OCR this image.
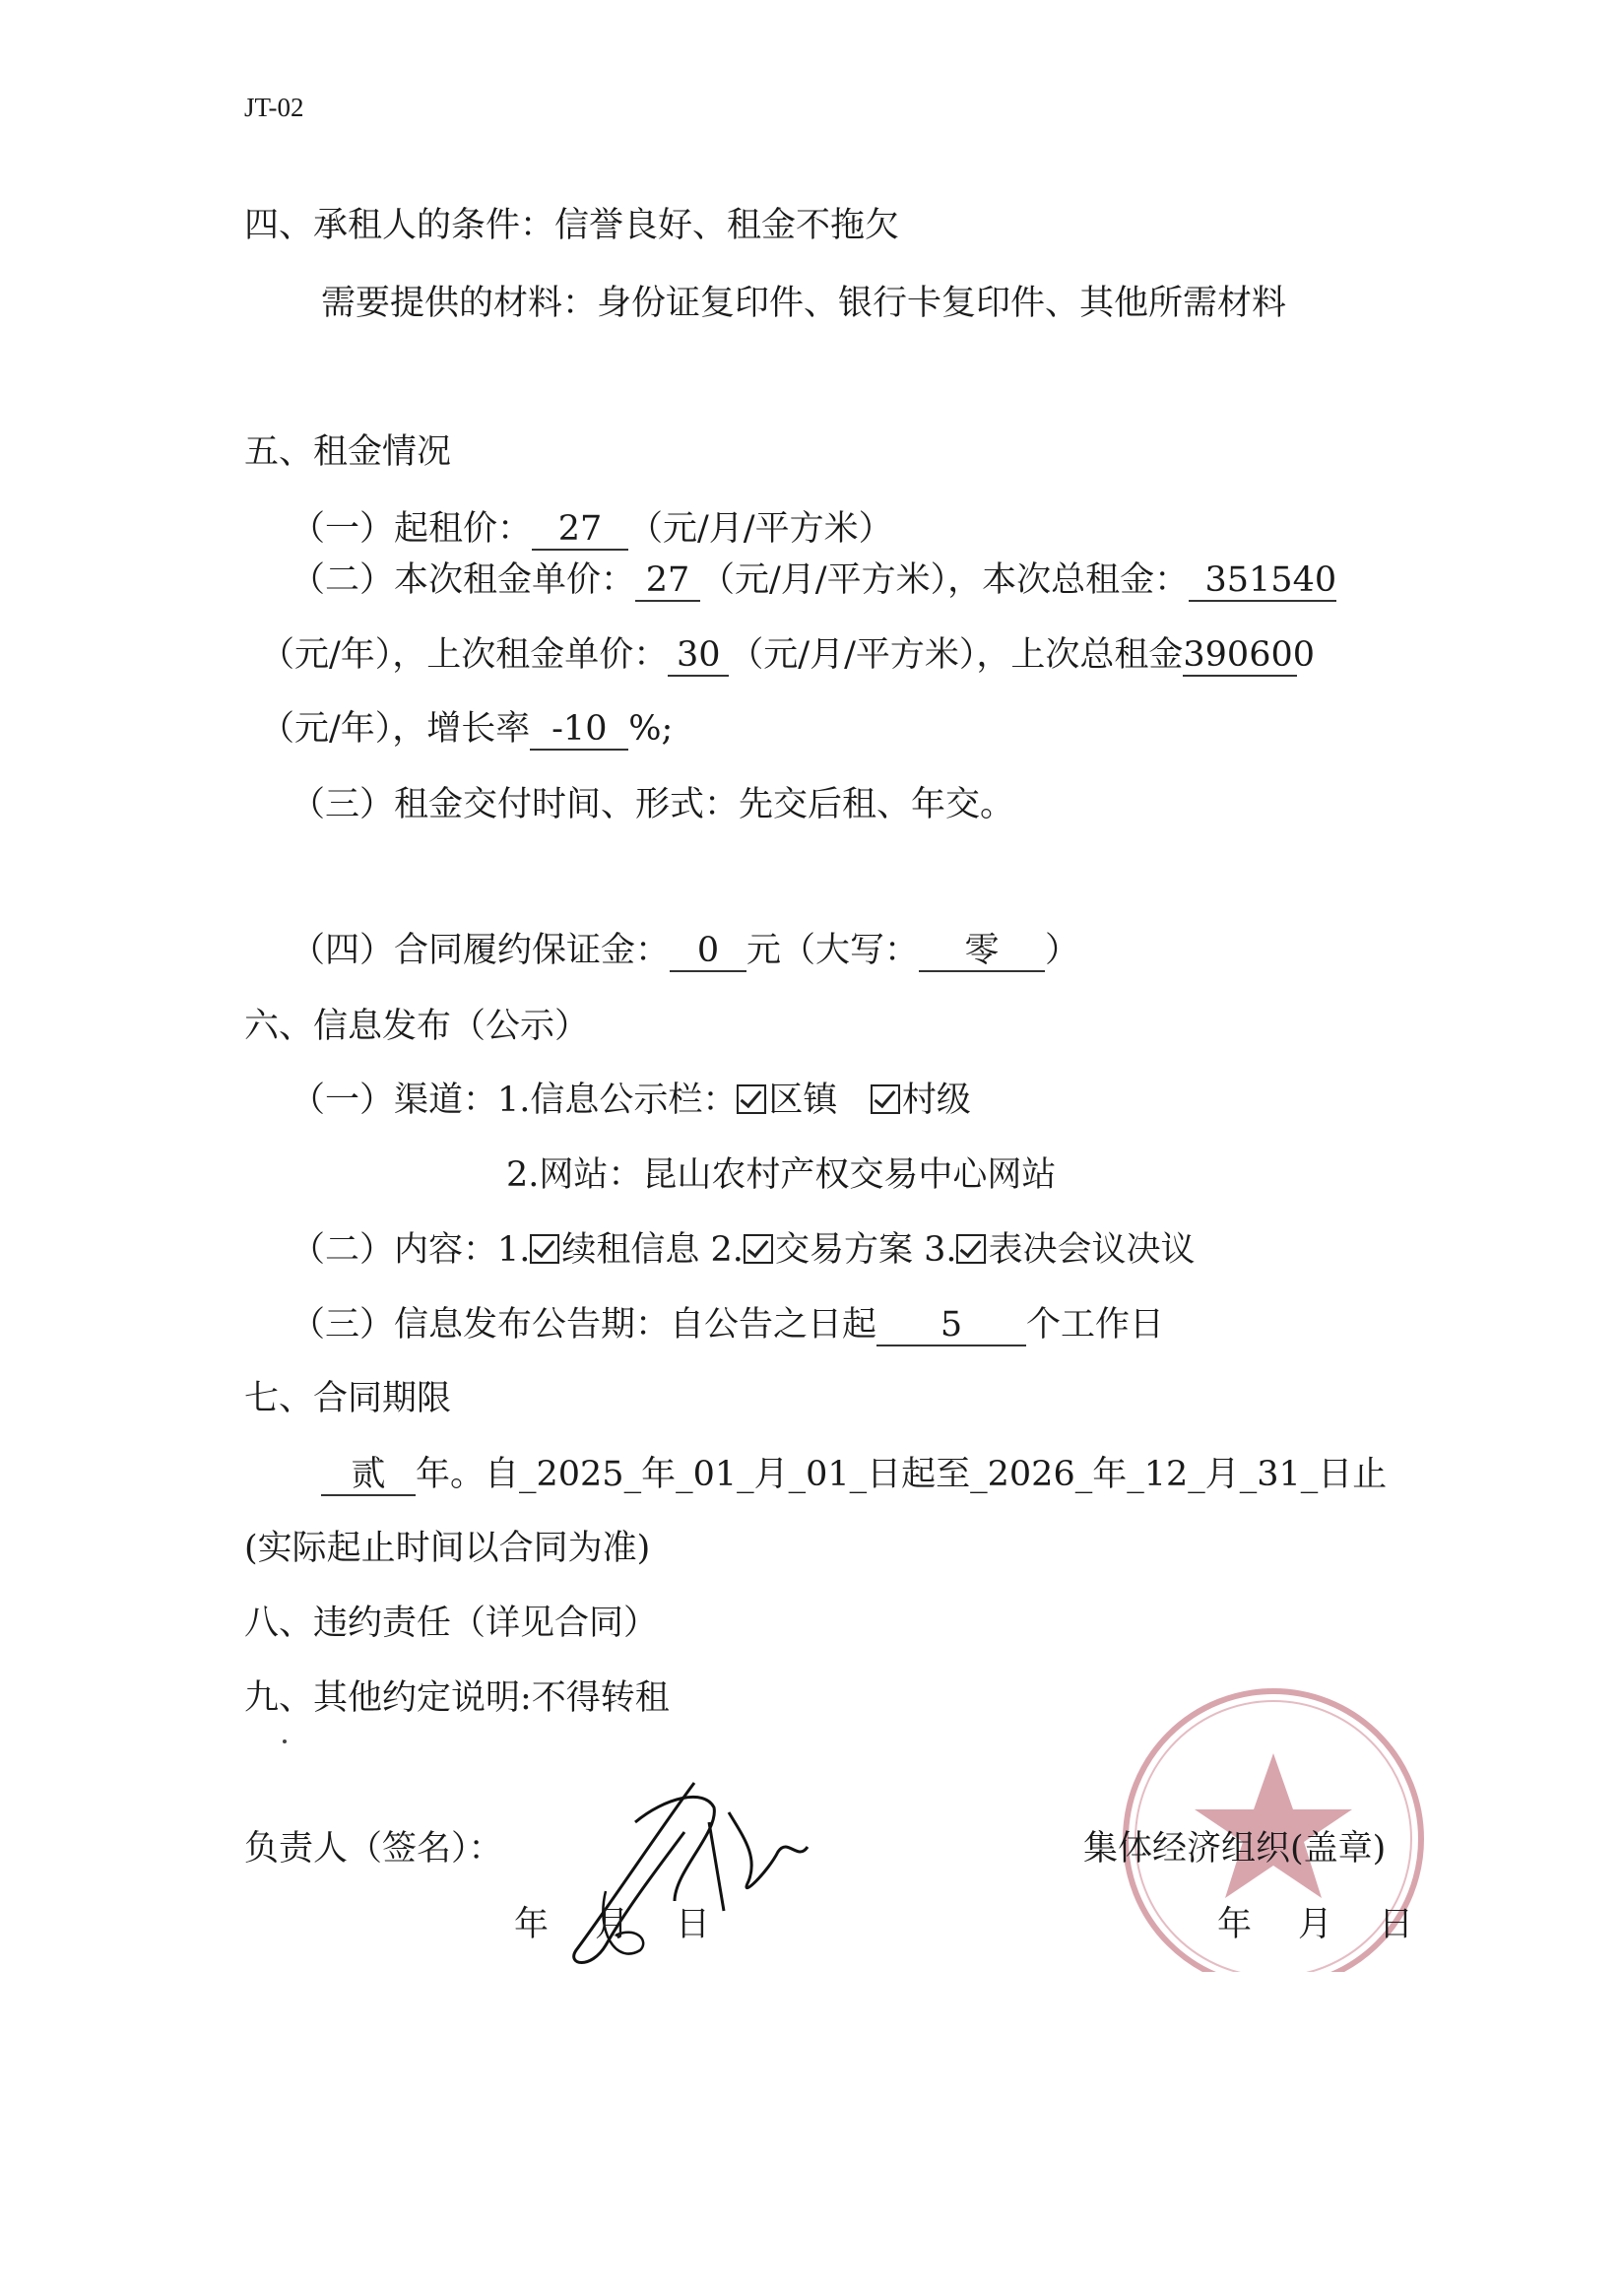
JT-02
四、承租人的条件：信誉良好、租金不拖欠
需要提供的材料：身份证复印件、银行卡复印件、其他所需材料
五、租金情况
（一）起租价： 27 （元/月/平方米）
（二）本次租金单价： 27 （元/月/平方米），本次总租金： 351540
（元/年），上次租金单价： 30 （元/月/平方米），上次总租金390600
（元/年），增长率 -10 %;
（三）租金交付时间、形式：先交后租、年交。
（四）合同履约保证金： 0 元（大写： 零 ）
六、信息发布（公示）
（一）渠道：1.信息公示栏： 区镇 村级
2.网站：昆山农村产权交易中心网站
（二）内容：1. 续租信息 2. 交易方案 3. 表决会议决议
（三）信息发布公告期：自公告之日起 5 个工作日
七、合同期限
贰 年。自_2025_年_01_月_01_日起至_2026_年_12_月_31_日止
(实际起止时间以合同为准)
八、违约责任（详见合同）
九、其他约定说明:不得转租
负责人（签名）：	集体经济组织(盖章)
年　月　日	年　月　日
